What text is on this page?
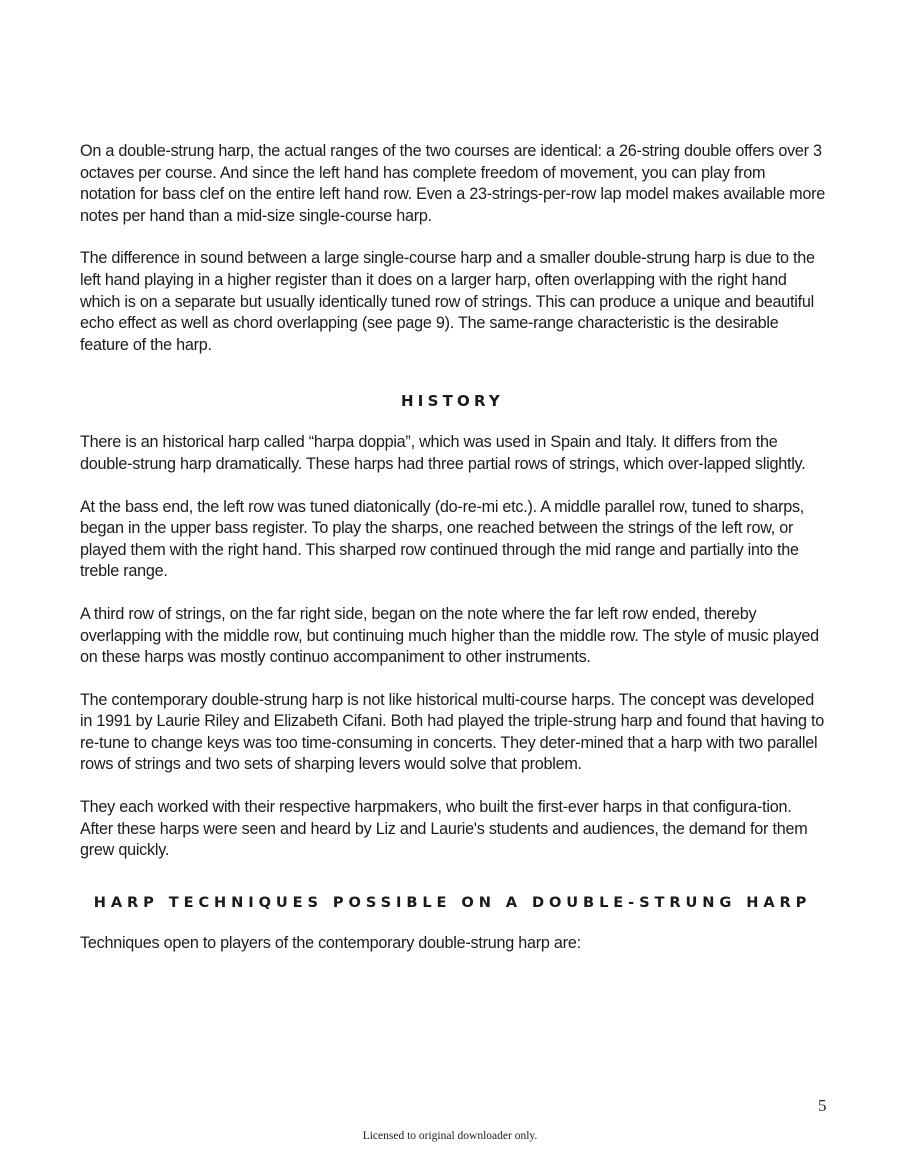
On a double-strung harp, the actual ranges of the two courses are identical: a 26-string double offers over 3 octaves per course. And since the left hand has complete freedom of movement, you can play from notation for bass clef on the entire left hand row. Even a 23-strings-per-row lap model makes available more notes per hand than a mid-size single-course harp.

The difference in sound between a large single-course harp and a smaller double-strung harp is due to the left hand playing in a higher register than it does on a larger harp, often overlapping with the right hand which is on a separate but usually identically tuned row of strings. This can produce a unique and beautiful echo effect as well as chord overlapping (see page 9). The same-range characteristic is the desirable feature of the harp.

HISTORY

There is an historical harp called “harpa doppia”, which was used in Spain and Italy. It differs from the double-strung harp dramatically. These harps had three partial rows of strings, which over-lapped slightly.

At the bass end, the left row was tuned diatonically (do-re-mi etc.). A middle parallel row, tuned to sharps, began in the upper bass register. To play the sharps, one reached between the strings of the left row, or played them with the right hand. This sharped row continued through the mid range and partially into the treble range.

A third row of strings, on the far right side, began on the note where the far left row ended, thereby overlapping with the middle row, but continuing much higher than the middle row. The style of music played on these harps was mostly continuo accompaniment to other instruments.

The contemporary double-strung harp is not like historical multi-course harps. The concept was developed in 1991 by Laurie Riley and Elizabeth Cifani. Both had played the triple-strung harp and found that having to re-tune to change keys was too time-consuming in concerts. They deter-mined that a harp with two parallel rows of strings and two sets of sharping levers would solve that problem.

They each worked with their respective harpmakers, who built the first-ever harps in that configura-tion. After these harps were seen and heard by Liz and Laurie's students and audiences, the demand for them grew quickly.

HARP TECHNIQUES POSSIBLE ON A DOUBLE-STRUNG HARP

Techniques open to players of the contemporary double-strung harp are:

5
Licensed to original downloader only.
